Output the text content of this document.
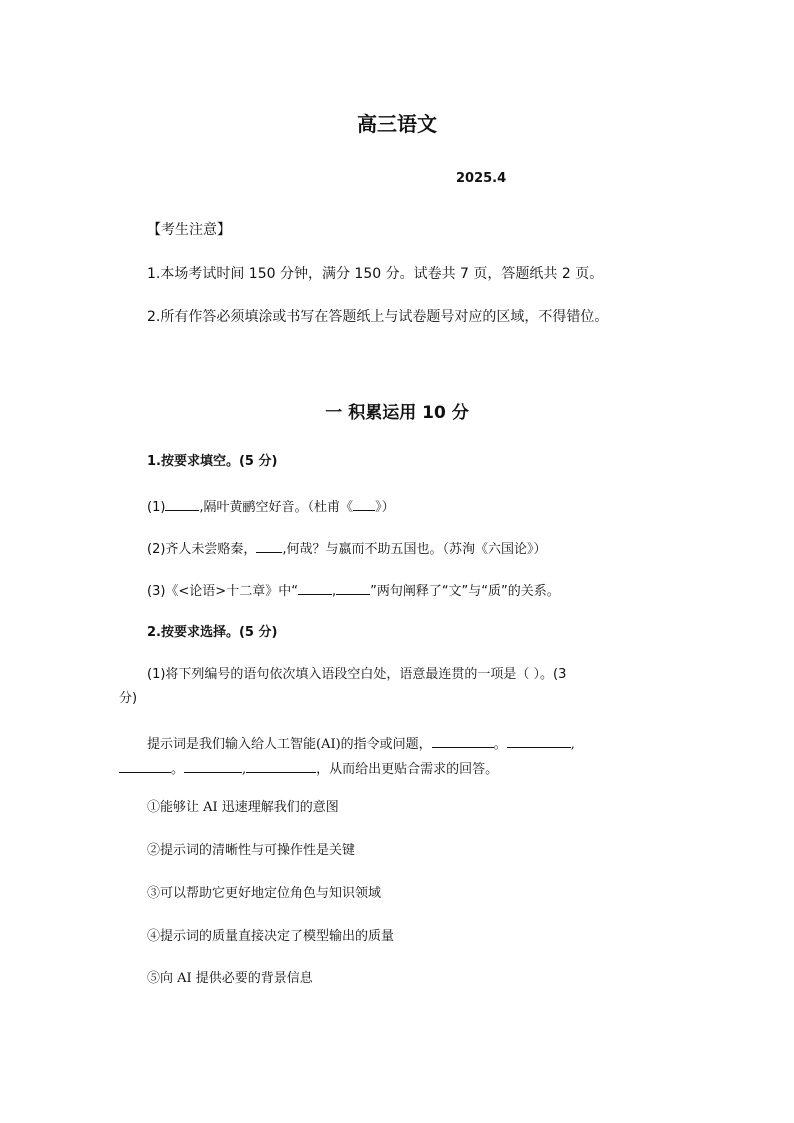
高三语文
2025.4
【考生注意】
1.本场考试时间 150 分钟，满分 150 分。试卷共 7 页，答题纸共 2 页。
2.所有作答必须填涂或书写在答题纸上与试卷题号对应的区域，不得错位。
一 积累运用 10 分
1.按要求填空。(5 分)
(1)	,隔叶黄鹂空好音。（杜甫《 》）
(2)齐人未尝赂秦， ,何哉？与嬴而不助五国也。（苏洵《六国论》）
(3)《<论语>十二章》中“	,	”两句阐释了“文”与“质”的关系。
2.按要求选择。(5 分)
(1)将下列编号的语句依次填入语段空白处，语意最连贯的一项是（ ）。(3
分)
提示词是我们输入给人工智能(AI)的指令或问题，	。	,
。	,	，从而给出更贴合需求的回答。
①能够让 AI 迅速理解我们的意图
②提示词的清晰性与可操作性是关键
③可以帮助它更好地定位角色与知识领域
④提示词的质量直接决定了模型输出的质量
⑤向 AI 提供必要的背景信息
